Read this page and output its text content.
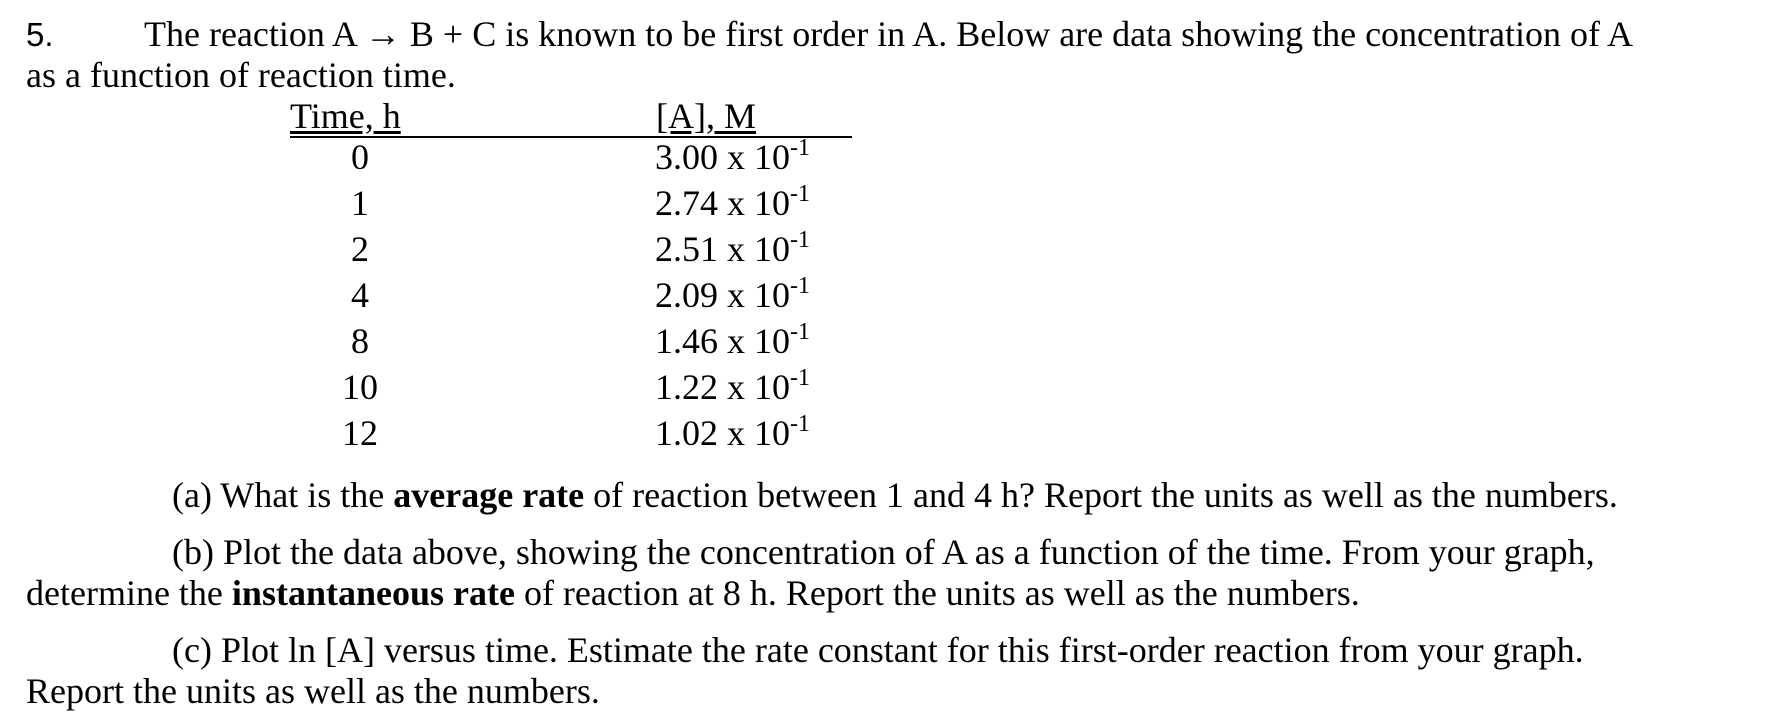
5.	The reaction A → B + C is known to be first order in A. Below are data showing the concentration of A
as a function of reaction time.
Time, h	[A], M
0	3.00 x $10^{-1}$
1	2.74 x $10^{-1}$
2	2.51 x $10^{-1}$
4	2.09 x $10^{-1}$
8	1.46 x $10^{-1}$
10	1.22 x $10^{-1}$
12	1.02 x $10^{-1}$
(a) What is the average rate of reaction between 1 and 4 h? Report the units as well as the numbers.
(b) Plot the data above, showing the concentration of A as a function of the time. From your graph,
determine the instantaneous rate of reaction at 8 h. Report the units as well as the numbers.
(c) Plot ln [A] versus time. Estimate the rate constant for this first-order reaction from your graph.
Report the units as well as the numbers.
